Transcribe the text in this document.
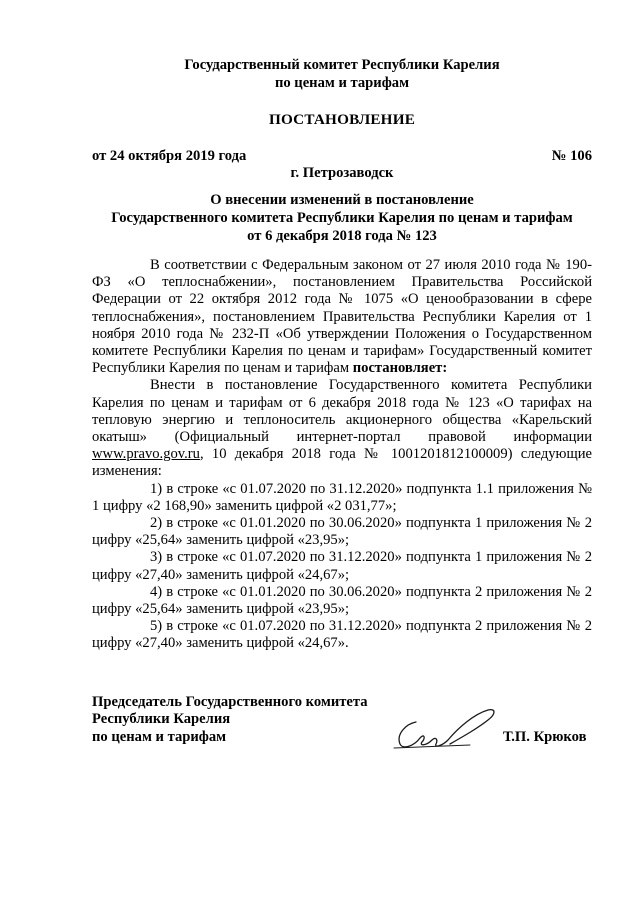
Государственный комитет Республики Карелия
по ценам и тарифам
ПОСТАНОВЛЕНИЕ
от 24 октября 2019 года	№ 106
г. Петрозаводск
О внесении изменений в постановление
Государственного комитета Республики Карелия по ценам и тарифам
от 6 декабря 2018 года № 123

В соответствии с Федеральным законом от 27 июля 2010 года № 190-ФЗ «О теплоснабжении», постановлением Правительства Российской Федерации от 22 октября 2012 года № 1075 «О ценообразовании в сфере теплоснабжения», постановлением Правительства Республики Карелия от 1 ноября 2010 года № 232-П «Об утверждении Положения о Государственном комитете Республики Карелия по ценам и тарифам» Государственный комитет Республики Карелия по ценам и тарифам постановляет:

Внести в постановление Государственного комитета Республики Карелия по ценам и тарифам от 6 декабря 2018 года № 123 «О тарифах на тепловую энергию и теплоноситель акционерного общества «Карельский окатыш» (Официальный интернет-портал правовой информации www.pravo.gov.ru, 10 декабря 2018 года № 1001201812100009) следующие изменения:

1) в строке «с 01.07.2020 по 31.12.2020» подпункта 1.1 приложения № 1 цифру «2 168,90» заменить цифрой «2 031,77»;

2) в строке «с 01.01.2020 по 30.06.2020» подпункта 1 приложения № 2 цифру «25,64» заменить цифрой «23,95»;

3) в строке «с 01.07.2020 по 31.12.2020» подпункта 1 приложения № 2 цифру «27,40» заменить цифрой «24,67»;

4) в строке «с 01.01.2020 по 30.06.2020» подпункта 2 приложения № 2 цифру «25,64» заменить цифрой «23,95»;

5) в строке «с 01.07.2020 по 31.12.2020» подпункта 2 приложения № 2 цифру «27,40» заменить цифрой «24,67».

Председатель Государственного комитета
Республики Карелия
по ценам и тарифам	Т.П. Крюков
